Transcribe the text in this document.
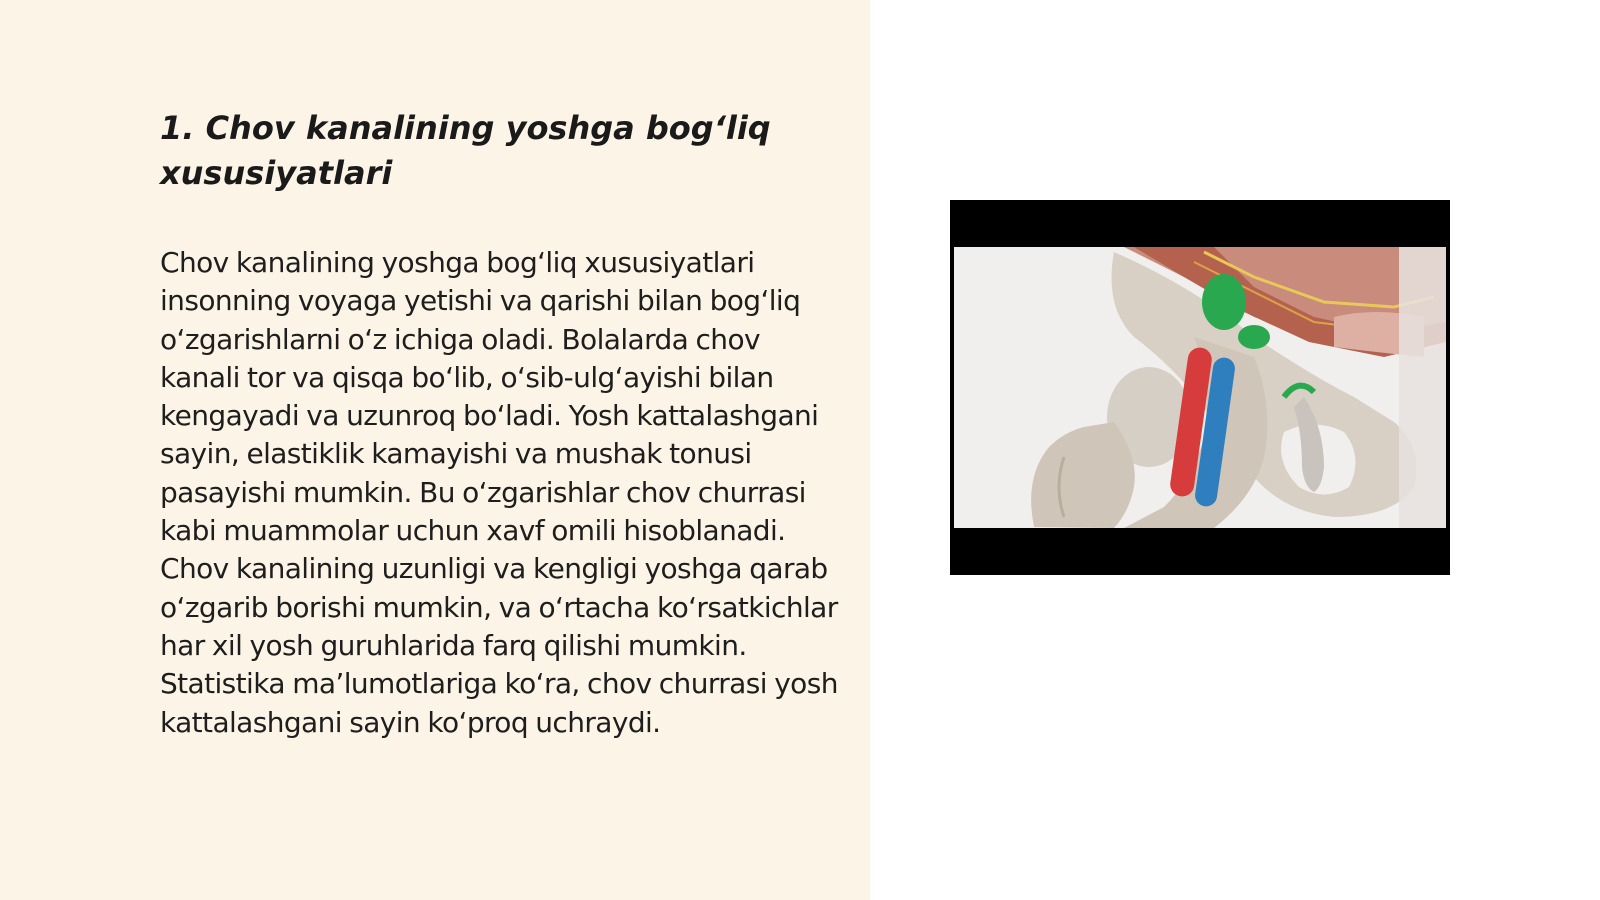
1. Chov kanalining yoshga bog‘liq xususiyatlari

Chov kanalining yoshga bog‘liq xususiyatlari insonning voyaga yetishi va qarishi bilan bog‘liq o‘zgarishlarni o‘z ichiga oladi. Bolalarda chov kanali tor va qisqa bo‘lib, o‘sib-ulg‘ayishi bilan kengayadi va uzunroq bo‘ladi. Yosh kattalashgani sayin, elastiklik kamayishi va mushak tonusi pasayishi mumkin. Bu o‘zgarishlar chov churrasi kabi muammolar uchun xavf omili hisoblanadi. Chov kanalining uzunligi va kengligi yoshga qarab o‘zgarib borishi mumkin, va o‘rtacha ko‘rsatkichlar har xil yosh guruhlarida farq qilishi mumkin. Statistika ma’lumotlariga ko‘ra, chov churrasi yosh kattalashgani sayin ko‘proq uchraydi.
